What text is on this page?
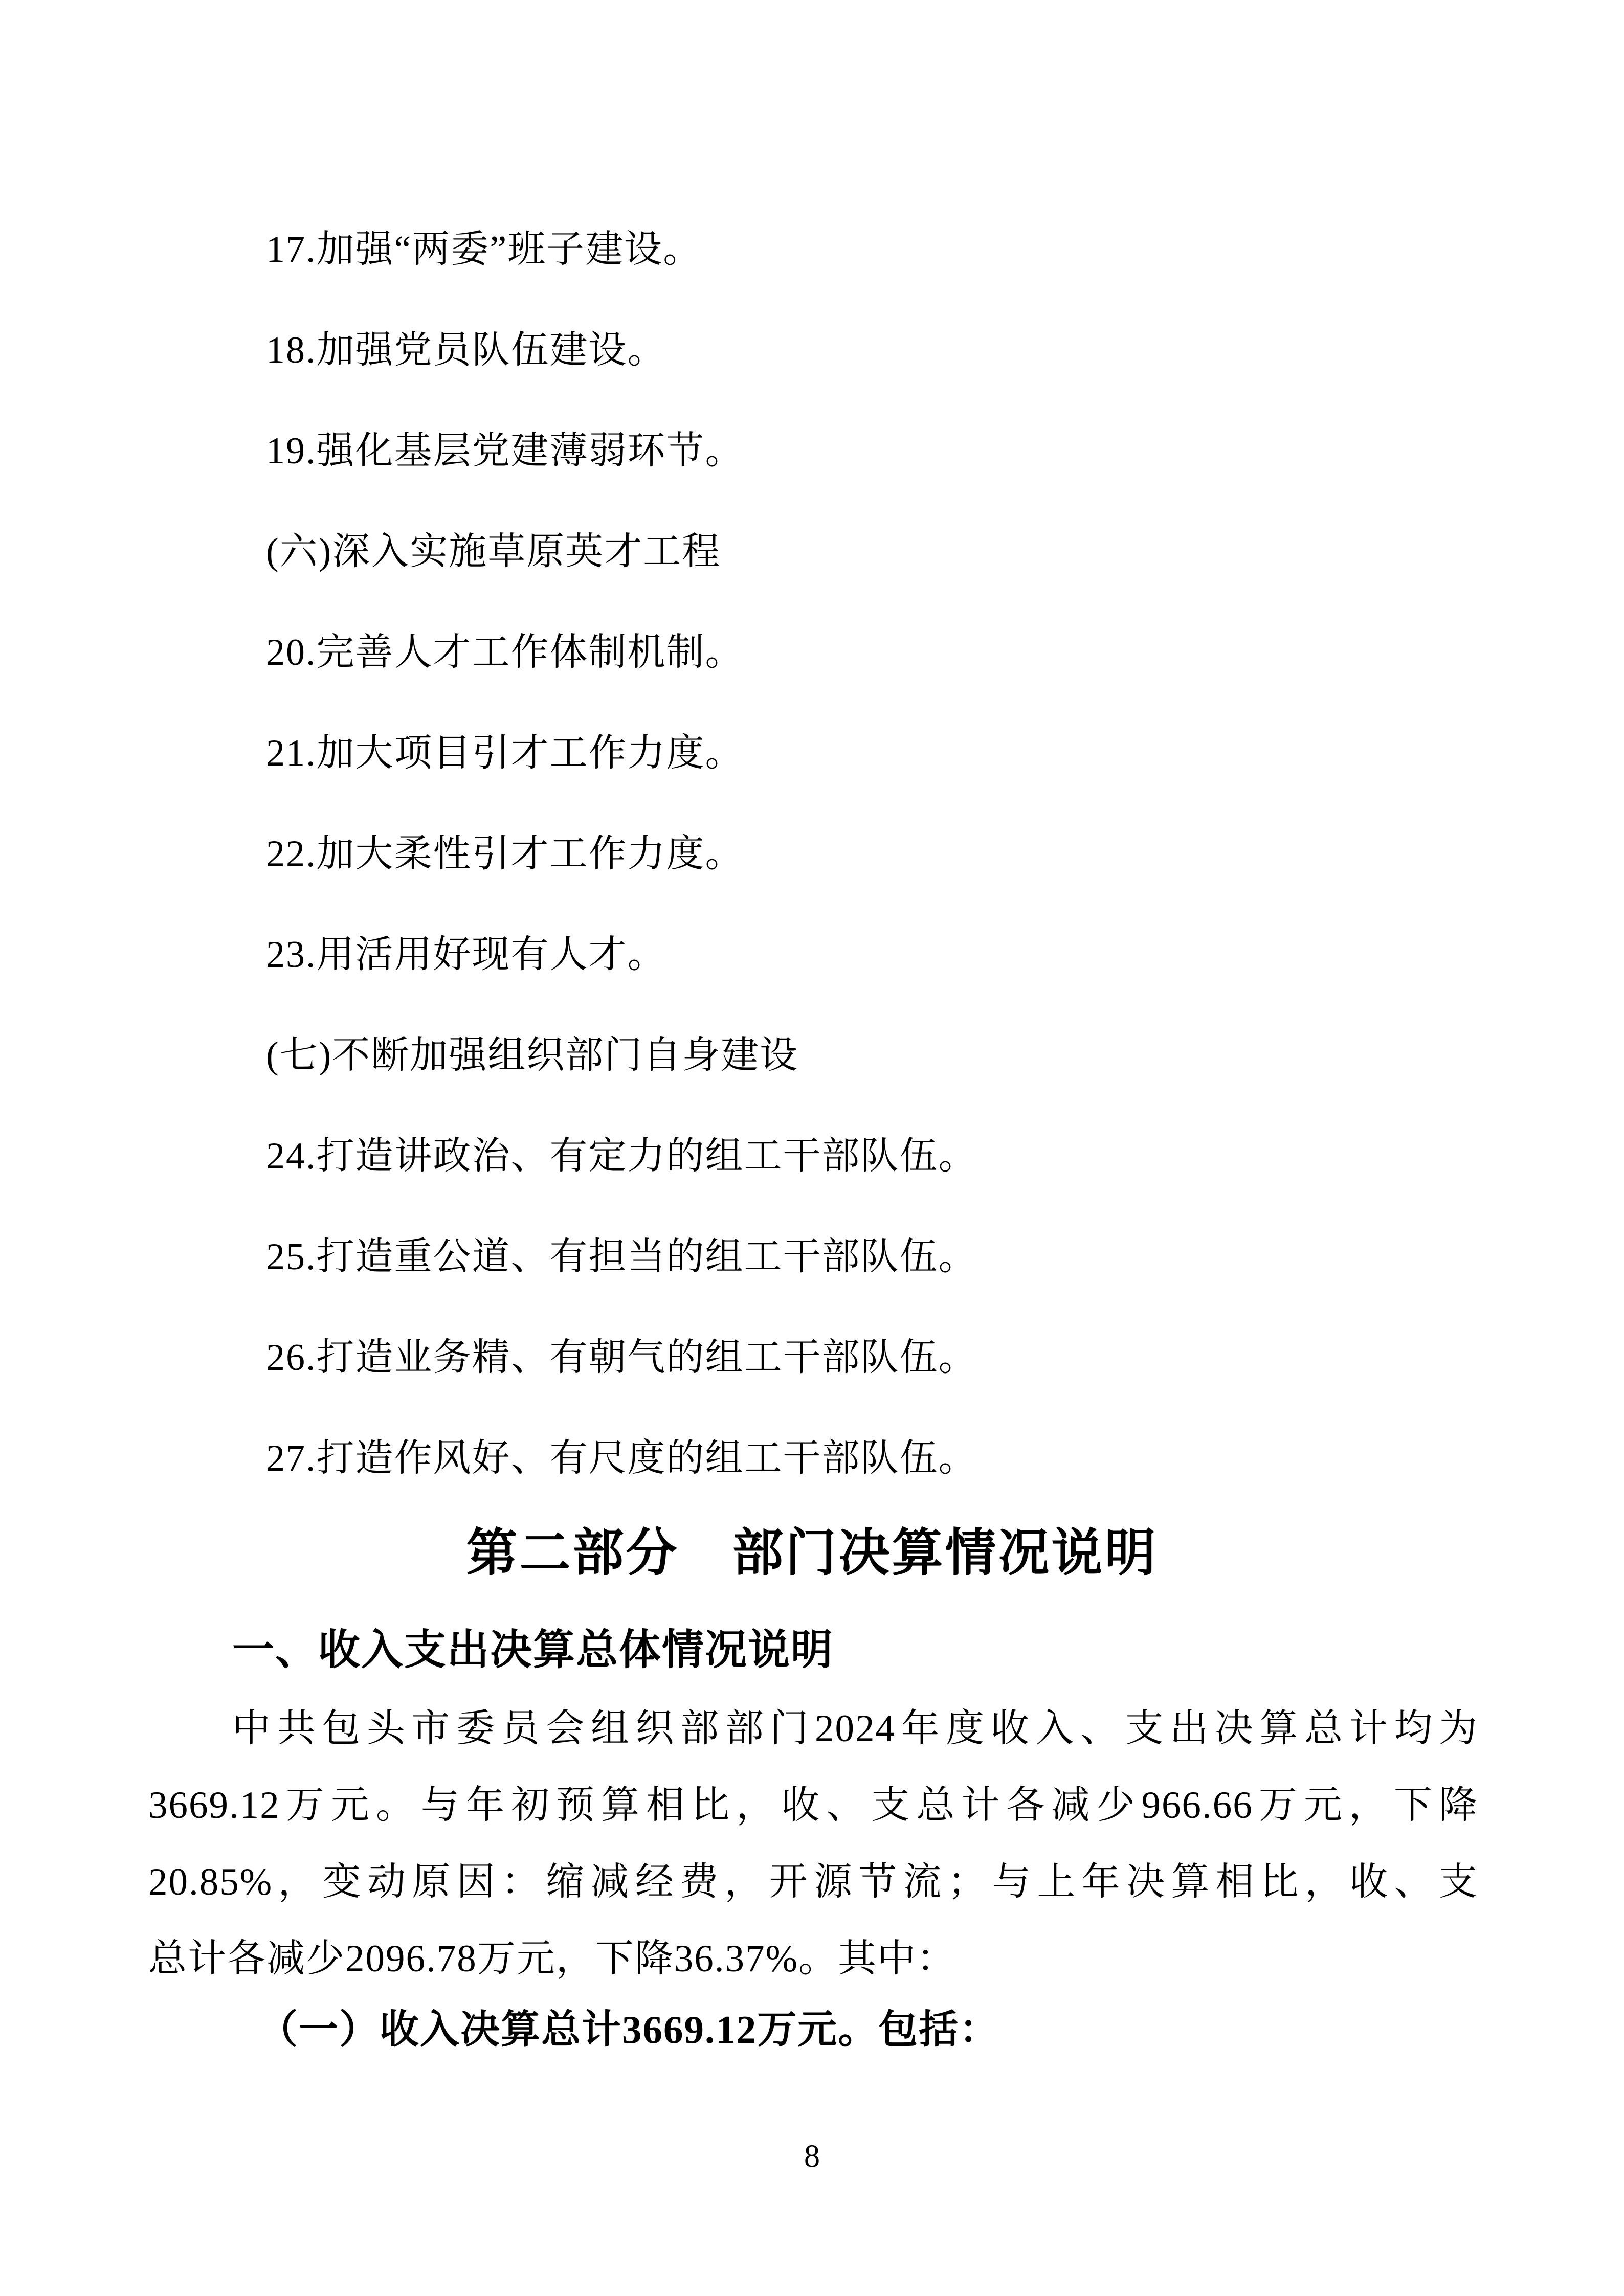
17.加强“两委”班子建设。
18.加强党员队伍建设。
19.强化基层党建薄弱环节。
(六)深入实施草原英才工程
20.完善人才工作体制机制。
21.加大项目引才工作力度。
22.加大柔性引才工作力度。
23.用活用好现有人才。
(七)不断加强组织部门自身建设
24.打造讲政治、有定力的组工干部队伍。
25.打造重公道、有担当的组工干部队伍。
26.打造业务精、有朝气的组工干部队伍。
27.打造作风好、有尺度的组工干部队伍。
第二部分　部门决算情况说明
一、收入支出决算总体情况说明
中共包头市委员会组织部部门2024年度收入、支出决算总计均为
3669.12万元。与年初预算相比，收、支总计各减少966.66万元，下降
20.85%，变动原因：缩减经费，开源节流；与上年决算相比，收、支
总计各减少2096.78万元，下降36.37%。其中：
（一）收入决算总计3669.12万元。包括：
8
